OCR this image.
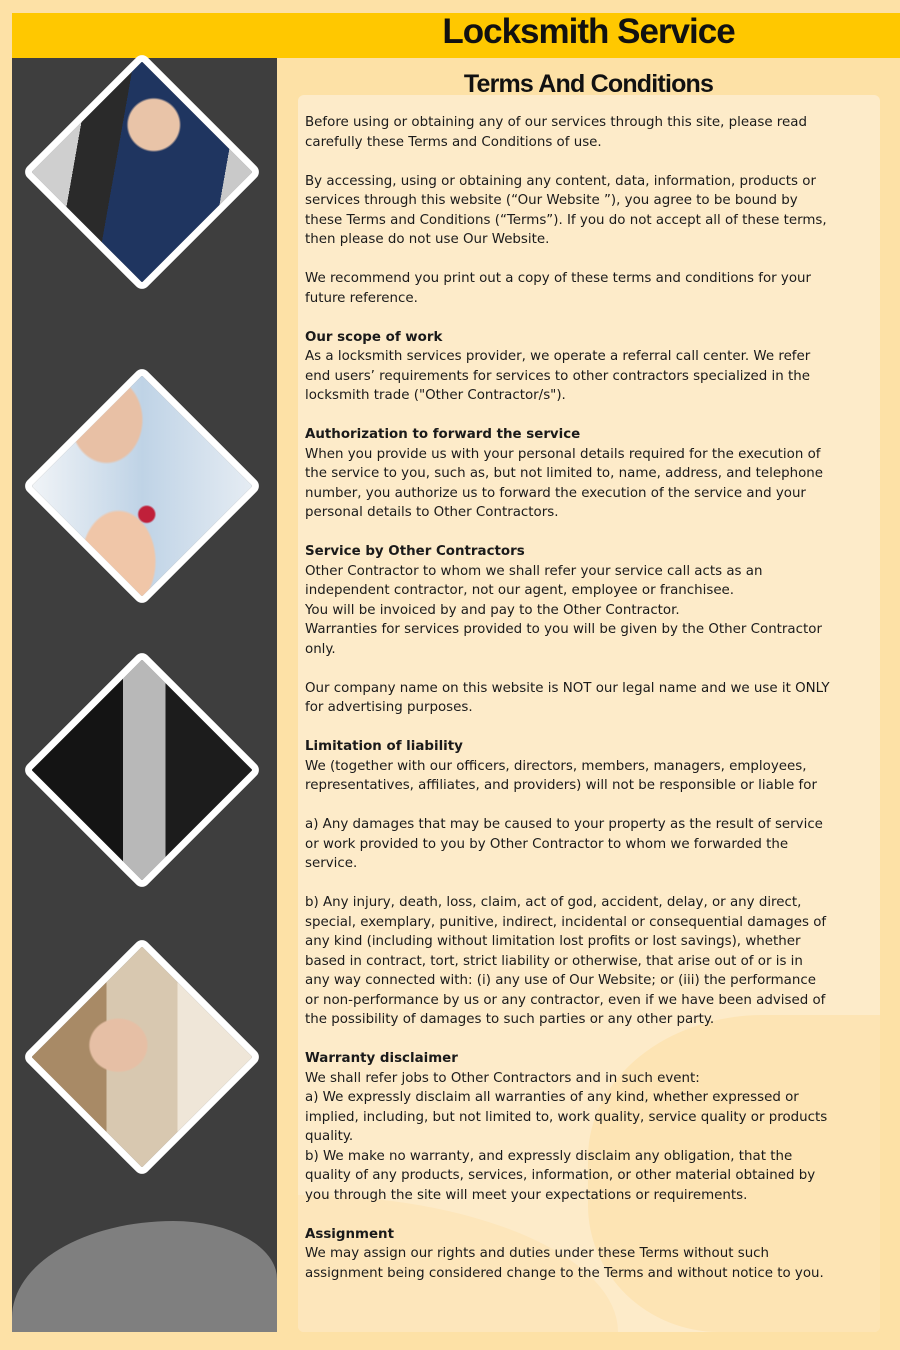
Locksmith Service
Terms And Conditions
Before using or obtaining any of our services through this site, please read
carefully these Terms and Conditions of use.
By accessing, using or obtaining any content, data, information, products or
services through this website (“Our Website ”), you agree to be bound by
these Terms and Conditions (“Terms”). If you do not accept all of these terms,
then please do not use Our Website.
We recommend you print out a copy of these terms and conditions for your
future reference.
Our scope of work
As a locksmith services provider, we operate a referral call center. We refer
end users’ requirements for services to other contractors specialized in the
locksmith trade ("Other Contractor/s").
Authorization to forward the service
When you provide us with your personal details required for the execution of
the service to you, such as, but not limited to, name, address, and telephone
number, you authorize us to forward the execution of the service and your
personal details to Other Contractors.
Service by Other Contractors
Other Contractor to whom we shall refer your service call acts as an
independent contractor, not our agent, employee or franchisee.
You will be invoiced by and pay to the Other Contractor.
Warranties for services provided to you will be given by the Other Contractor
only.
Our company name on this website is NOT our legal name and we use it ONLY
for advertising purposes.
Limitation of liability
We (together with our officers, directors, members, managers, employees,
representatives, affiliates, and providers) will not be responsible or liable for
a) Any damages that may be caused to your property as the result of service
or work provided to you by Other Contractor to whom we forwarded the
service.
b) Any injury, death, loss, claim, act of god, accident, delay, or any direct,
special, exemplary, punitive, indirect, incidental or consequential damages of
any kind (including without limitation lost profits or lost savings), whether
based in contract, tort, strict liability or otherwise, that arise out of or is in
any way connected with: (i) any use of Our Website; or (iii) the performance
or non-performance by us or any contractor, even if we have been advised of
the possibility of damages to such parties or any other party.
Warranty disclaimer
We shall refer jobs to Other Contractors and in such event:
a) We expressly disclaim all warranties of any kind, whether expressed or
implied, including, but not limited to, work quality, service quality or products
quality.
b) We make no warranty, and expressly disclaim any obligation, that the
quality of any products, services, information, or other material obtained by
you through the site will meet your expectations or requirements.
Assignment
We may assign our rights and duties under these Terms without such
assignment being considered change to the Terms and without notice to you.
